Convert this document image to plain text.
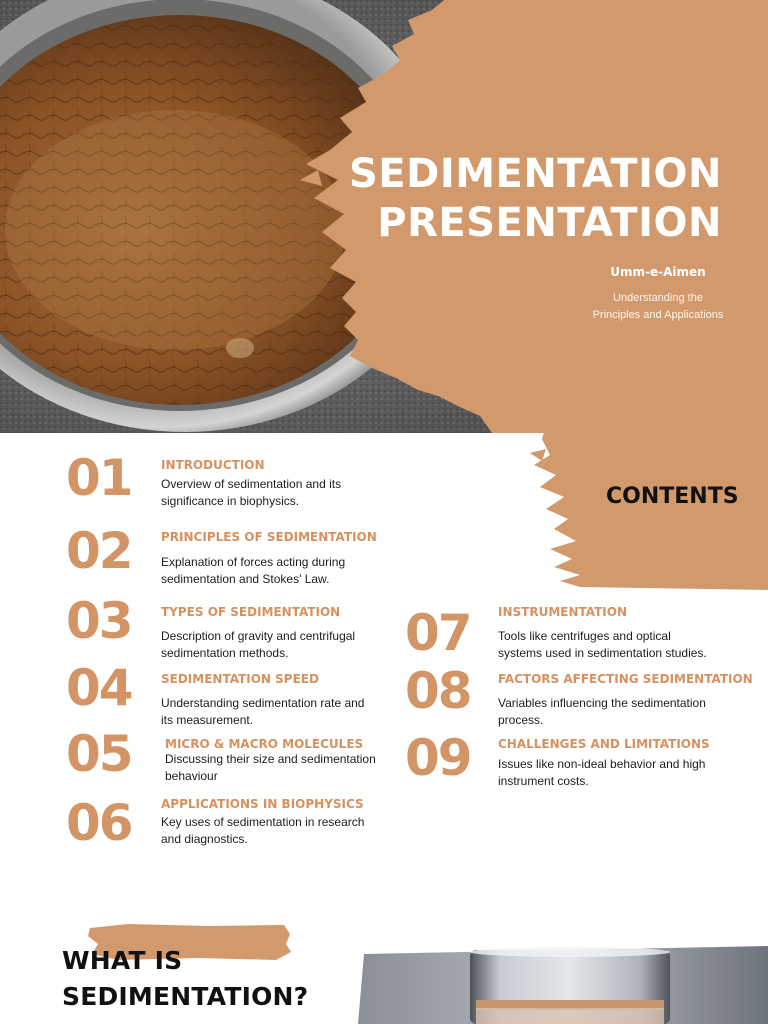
SEDIMENTATION
PRESENTATION
Umm-e-Aimen
Understanding the
Principles and Applications
CONTENTS
01 INTRODUCTION
Overview of sedimentation and its
significance in biophysics.
02 PRINCIPLES OF SEDIMENTATION
Explanation of forces acting during
sedimentation and Stokes' Law.
03 TYPES OF SEDIMENTATION
Description of gravity and centrifugal
sedimentation methods.
04 SEDIMENTATION SPEED
Understanding sedimentation rate and
its measurement.
05	MICRO & MACRO MOLECULES
Discussing their size and sedimentation
behaviour
06 APPLICATIONS IN BIOPHYSICS
Key uses of sedimentation in research
and diagnostics.
07 INSTRUMENTATION
Tools like centrifuges and optical
systems used in sedimentation studies.
08 FACTORS AFFECTING SEDIMENTATION
Variables influencing the sedimentation
process.
09 CHALLENGES AND LIMITATIONS
Issues like non-ideal behavior and high
instrument costs.
WHAT IS
SEDIMENTATION?
